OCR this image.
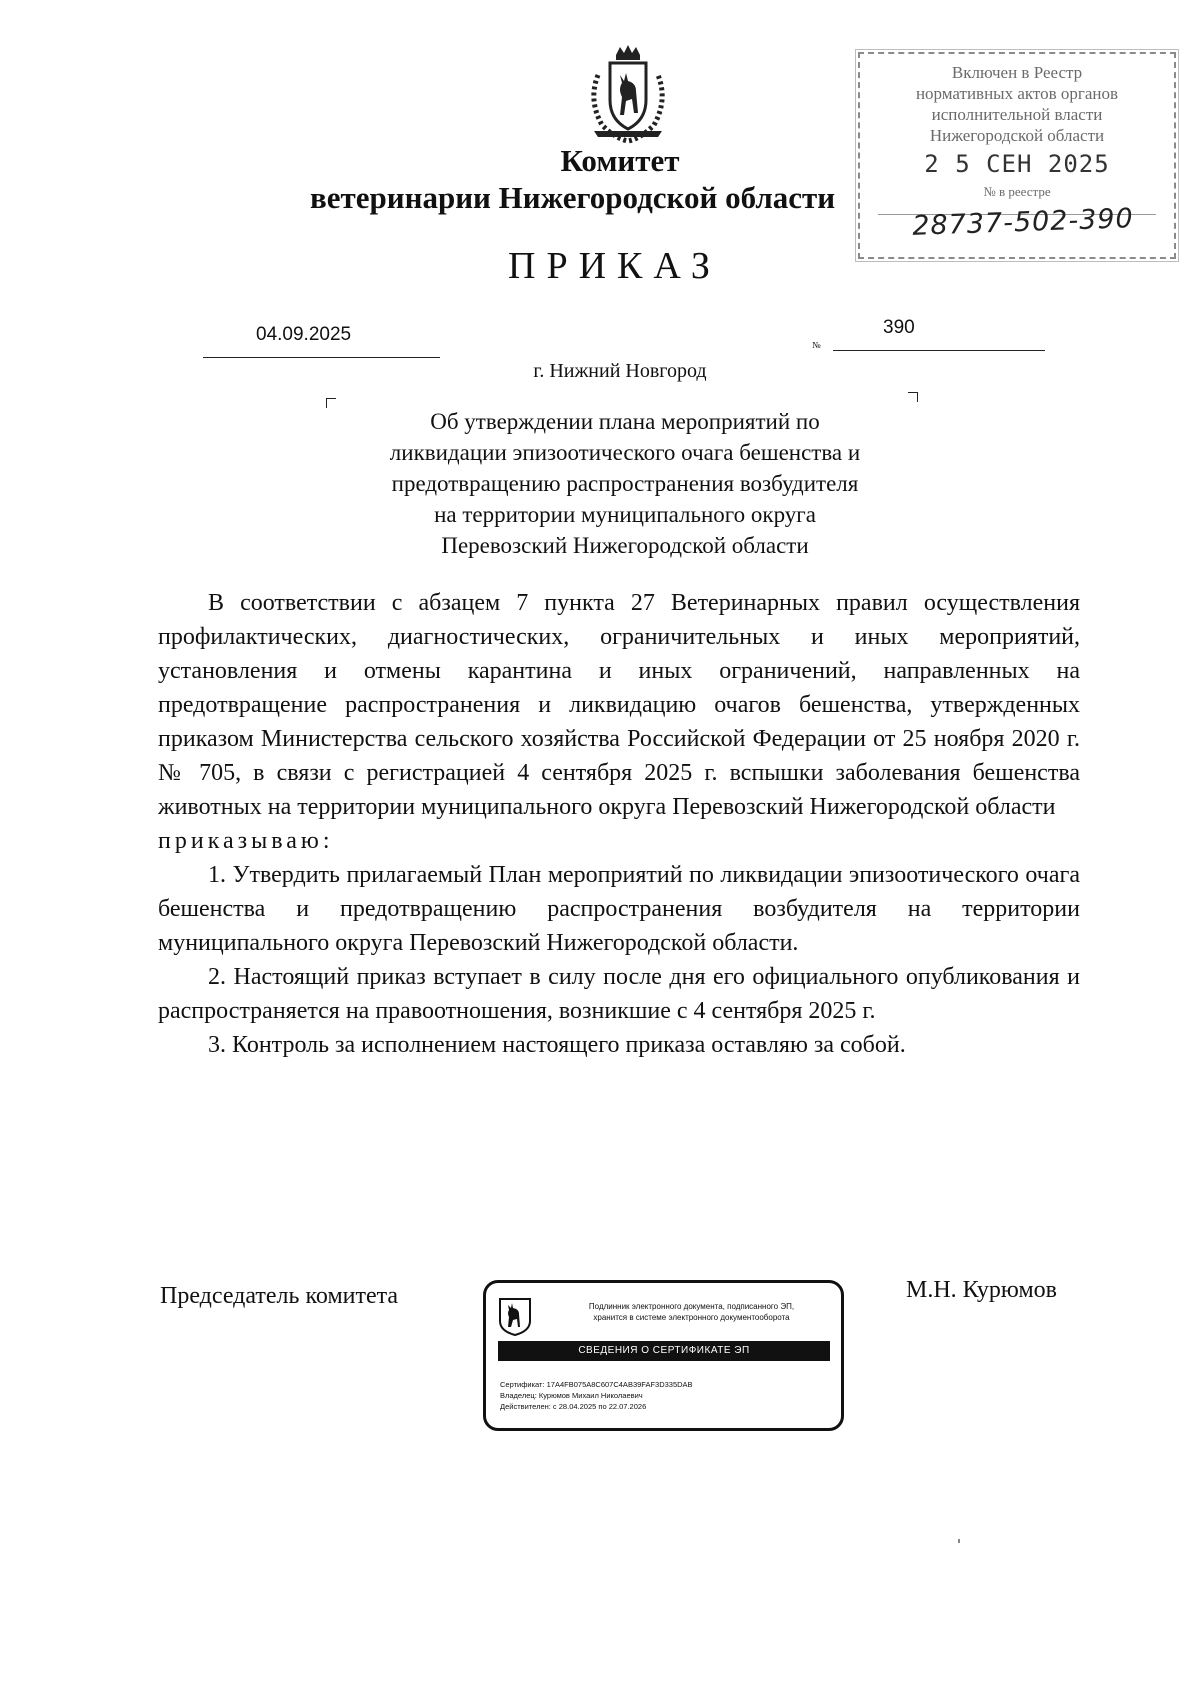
Комитет
ветеринарии Нижегородской области
ПРИКАЗ
Включен в Реестр
нормативных актов органов
исполнительной власти
Нижегородской области
2 5 СЕН 2025
№ в реестре
28737-502-390
04.09.2025	№
390
г. Нижний Новгород
Об утверждении плана мероприятий по
ликвидации эпизоотического очага бешенства и
предотвращению распространения возбудителя
на территории муниципального округа
Перевозский Нижегородской области

В соответствии с абзацем 7 пункта 27 Ветеринарных правил осуществления профилактических, диагностических, ограничительных и иных мероприятий, установления и отмены карантина и иных ограничений, направленных на предотвращение распространения и ликвидацию очагов бешенства, утвержденных приказом Министерства сельского хозяйства Российской Федерации от 25 ноября 2020 г. № 705, в связи с регистрацией 4 сентября 2025 г. вспышки заболевания бешенства животных на территории муниципального округа Перевозский Нижегородской области

приказываю:

1. Утвердить прилагаемый План мероприятий по ликвидации эпизоотического очага бешенства и предотвращению распространения возбудителя на территории муниципального округа Перевозский Нижегородской области.

2. Настоящий приказ вступает в силу после дня его официального опубликования и распространяется на правоотношения, возникшие с 4 сентября 2025 г.

3. Контроль за исполнением настоящего приказа оставляю за собой.

Председатель комитета	М.Н. Курюмов
Подлинник электронного документа, подписанного ЭП,
хранится в системе электронного документооборота
СВЕДЕНИЯ О СЕРТИФИКАТЕ ЭП
Сертификат: 17A4FB075A8C607C4AB39FAF3D335DAB
Владелец: Курюмов Михаил Николаевич
Действителен: с 28.04.2025 по 22.07.2026
